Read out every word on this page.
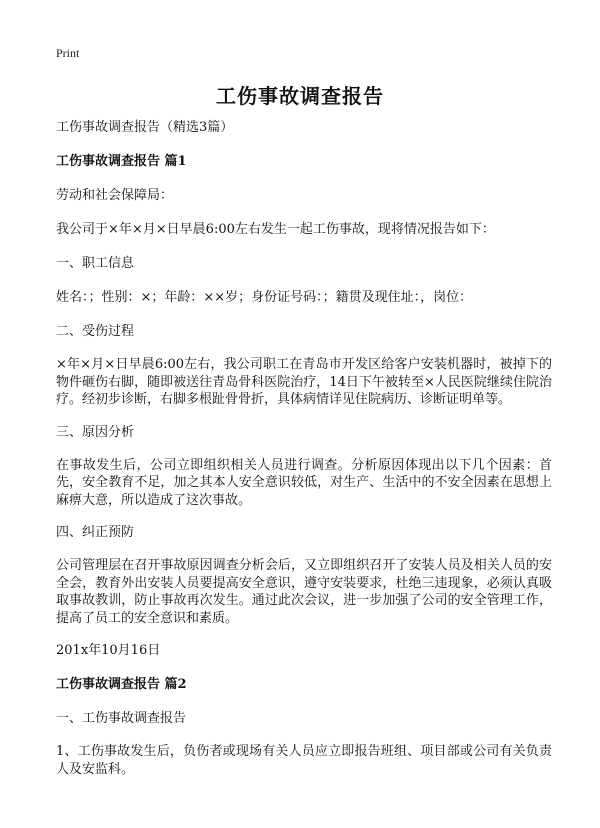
Print
工伤事故调查报告
工伤事故调查报告（精选3篇）
工伤事故调查报告 篇1
劳动和社会保障局：
我公司于×年×月×日早晨6:00左右发生一起工伤事故，现将情况报告如下：
一、职工信息
姓名：；性别：×；年龄：××岁；身份证号码：；籍贯及现住址：，岗位：
二、受伤过程
×年×月×日早晨6:00左右，我公司职工在青岛市开发区给客户安装机器时，被掉下的物件砸伤右脚，随即被送往青岛骨科医院治疗，14日下午被转至×人民医院继续住院治疗。经初步诊断，右脚多根趾骨骨折，具体病情详见住院病历、诊断证明单等。
三、原因分析
在事故发生后，公司立即组织相关人员进行调查。分析原因体现出以下几个因素：首先，安全教育不足，加之其本人安全意识较低，对生产、生活中的不安全因素在思想上麻痹大意，所以造成了这次事故。
四、纠正预防
公司管理层在召开事故原因调查分析会后，又立即组织召开了安装人员及相关人员的安全会，教育外出安装人员要提高安全意识，遵守安装要求，杜绝三违现象，必须认真吸取事故教训，防止事故再次发生。通过此次会议，进一步加强了公司的安全管理工作，提高了员工的安全意识和素质。
201x年10月16日
工伤事故调查报告 篇2
一、工伤事故调查报告
1、工伤事故发生后，负伤者或现场有关人员应立即报告班组、项目部或公司有关负责人及安监科。
